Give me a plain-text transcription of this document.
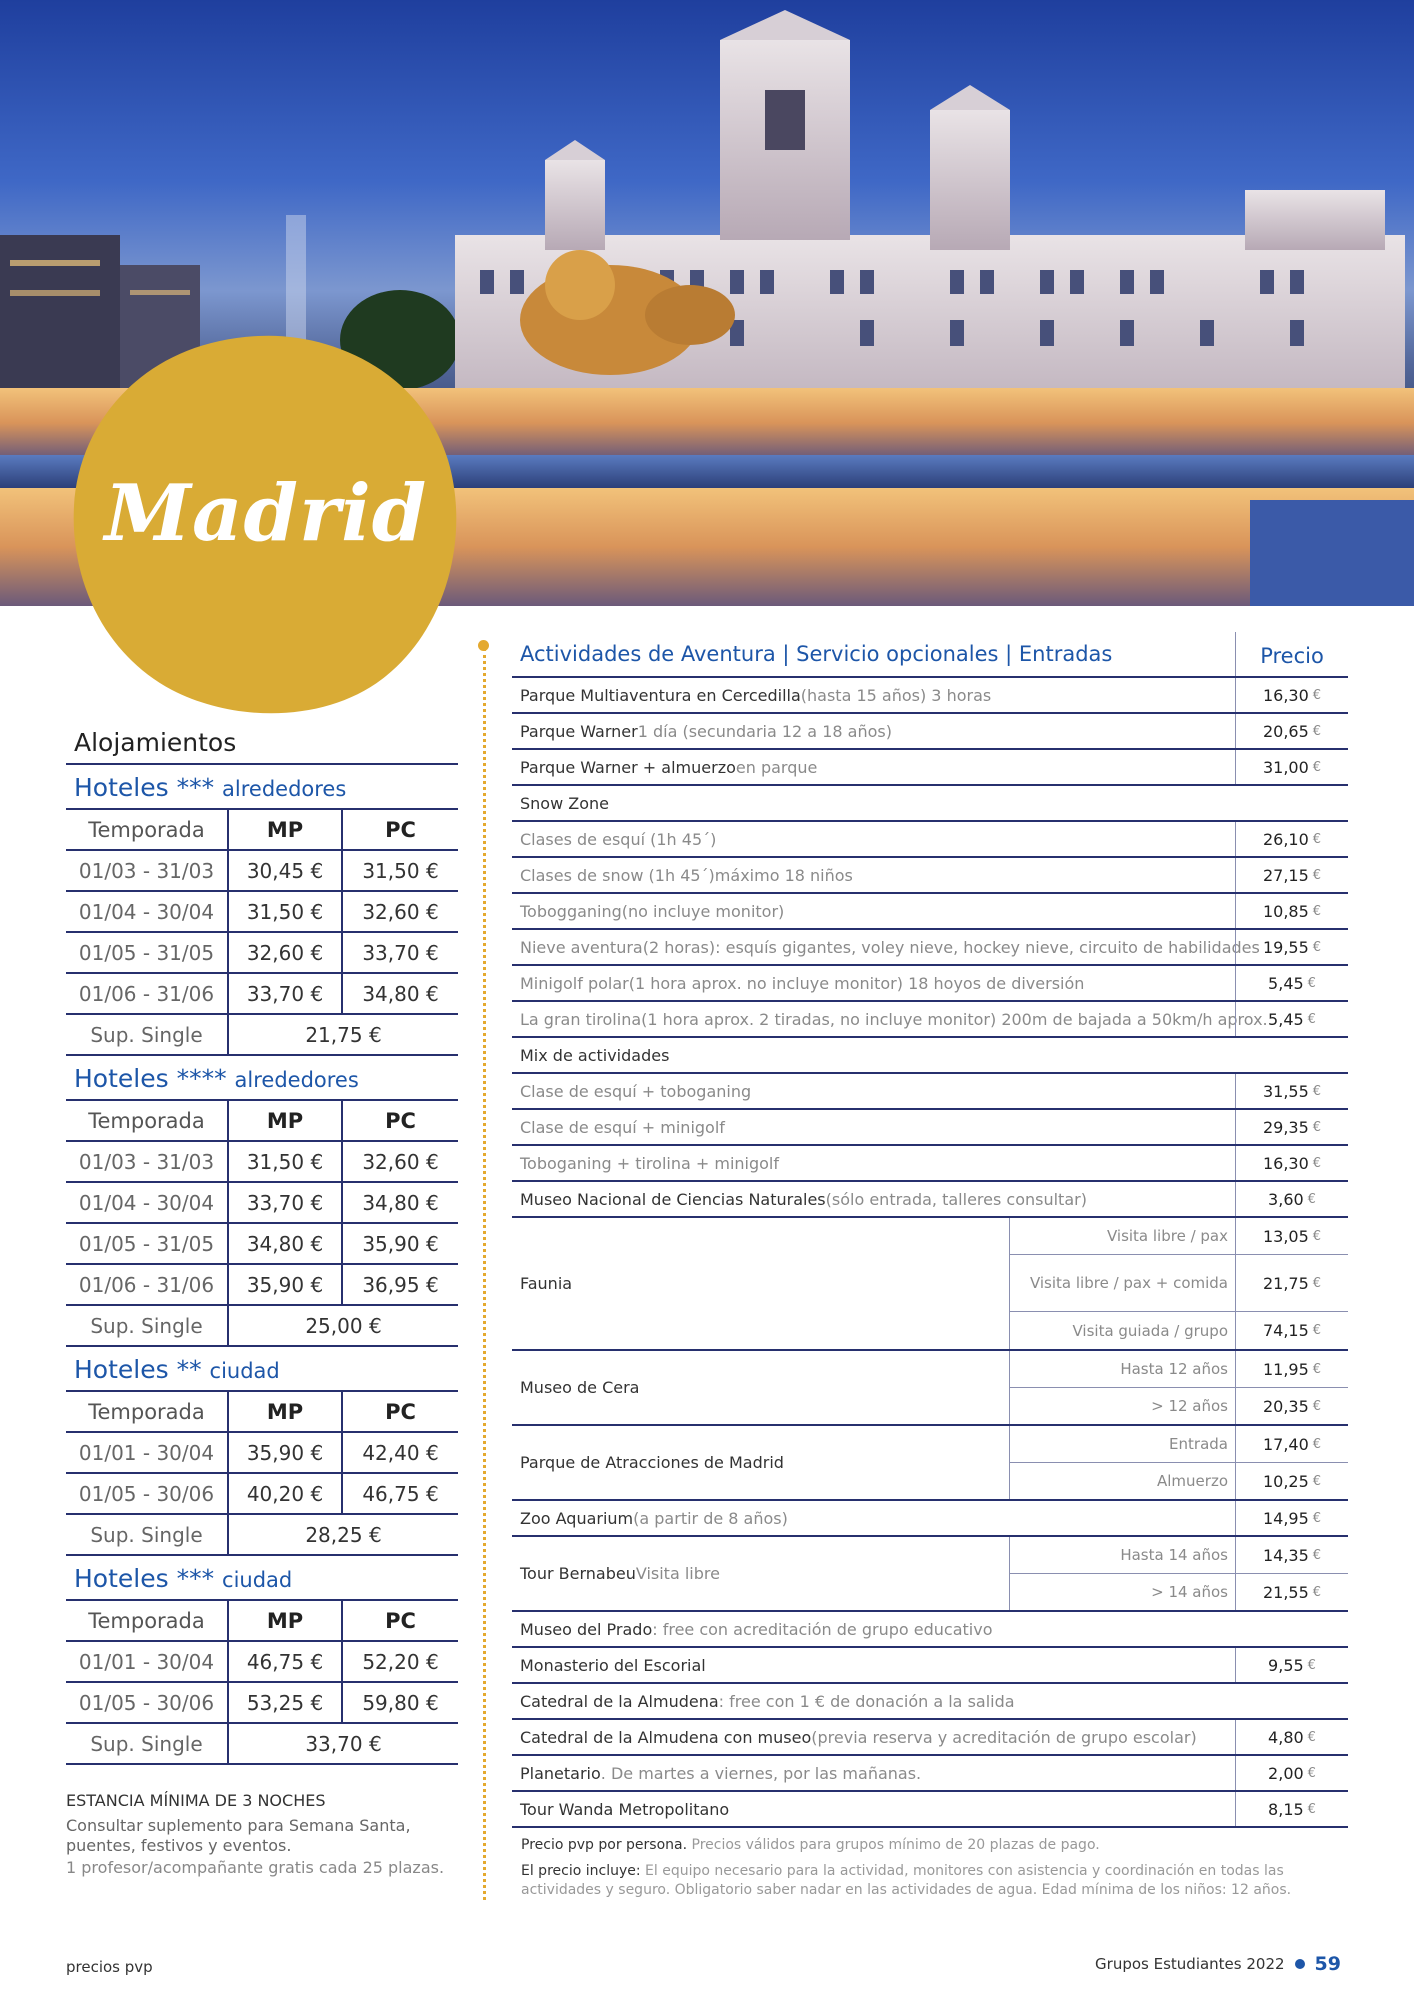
Madrid
Alojamientos
Hoteles *** alrededores
Temporada	MP	PC
01/03 - 31/03	30,45 €	31,50 €
01/04 - 30/04	31,50 €	32,60 €
01/05 - 31/05	32,60 €	33,70 €
01/06 - 31/06	33,70 €	34,80 €
Sup. Single	21,75 €	
Hoteles **** alrededores
Temporada	MP	PC
01/03 - 31/03	31,50 €	32,60 €
01/04 - 30/04	33,70 €	34,80 €
01/05 - 31/05	34,80 €	35,90 €
01/06 - 31/06	35,90 €	36,95 €
Sup. Single	25,00 €	
Hoteles ** ciudad
Temporada	MP	PC
01/01 - 30/04	35,90 €	42,40 €
01/05 - 30/06	40,20 €	46,75 €
Sup. Single	28,25 €	
Hoteles *** ciudad
Temporada	MP	PC
01/01 - 30/04	46,75 €	52,20 €
01/05 - 30/06	53,25 €	59,80 €
Sup. Single	33,70 €	
ESTANCIA MÍNIMA DE 3 NOCHES
Consultar suplemento para Semana Santa, puentes, festivos y eventos.
1 profesor/acompañante gratis cada 25 plazas.
Actividades de Aventura | Servicio opcionales | Entradas	Precio
Parque Multiaventura en Cercedilla (hasta 15 años) 3 horas	16,30 €
Parque Warner 1 día (secundaria 12 a 18 años)	20,65 €
Parque Warner + almuerzo en parque	31,00 €
Snow Zone
Clases de esquí (1h 45´)	26,10 €
Clases de snow (1h 45´) máximo 18 niños	27,15 €
Tobogganing (no incluye monitor)	10,85 €
Nieve aventura (2 horas): esquís gigantes, voley nieve, hockey nieve, circuito de habilidades 19,55 €
Minigolf polar (1 hora aprox. no incluye monitor) 18 hoyos de diversión	5,45 €
La gran tirolina (1 hora aprox. 2 tiradas, no incluye monitor) 200m de bajada a 50km/h aprox. 5,45 €
Mix de actividades
Clase de esquí + toboganing	31,55 €
Clase de esquí + minigolf	29,35 €
Toboganing + tirolina + minigolf	16,30 €
Museo Nacional de Ciencias Naturales (sólo entrada, talleres consultar)	3,60 €
Faunia
Visita libre / pax 13,05 €
Visita libre / pax + comida 21,75 €
Visita guiada / grupo 74,15 €
Museo de Cera
Hasta 12 años 11,95 €
> 12 años 20,35 €
Parque de Atracciones de Madrid
Entrada 17,40 €
Almuerzo 10,25 €
Zoo Aquarium (a partir de 8 años)	14,95 €
Tour Bernabeu Visita libre
Hasta 14 años 14,35 €
> 14 años 21,55 €
Museo del Prado : free con acreditación de grupo educativo
Monasterio del Escorial	9,55 €
Catedral de la Almudena : free con 1 € de donación a la salida
Catedral de la Almudena con museo (previa reserva y acreditación de grupo escolar)	4,80 €
Planetario . De martes a viernes, por las mañanas.	2,00 €
Tour Wanda Metropolitano	8,15 €
Precio pvp por persona. Precios válidos para grupos mínimo de 20 plazas de pago.
El precio incluye: El equipo necesario para la actividad, monitores con asistencia y coordinación en todas las actividades y seguro. Obligatorio saber nadar en las actividades de agua. Edad mínima de los niños: 12 años.
precios pvp	Grupos Estudiantes 2022 59
